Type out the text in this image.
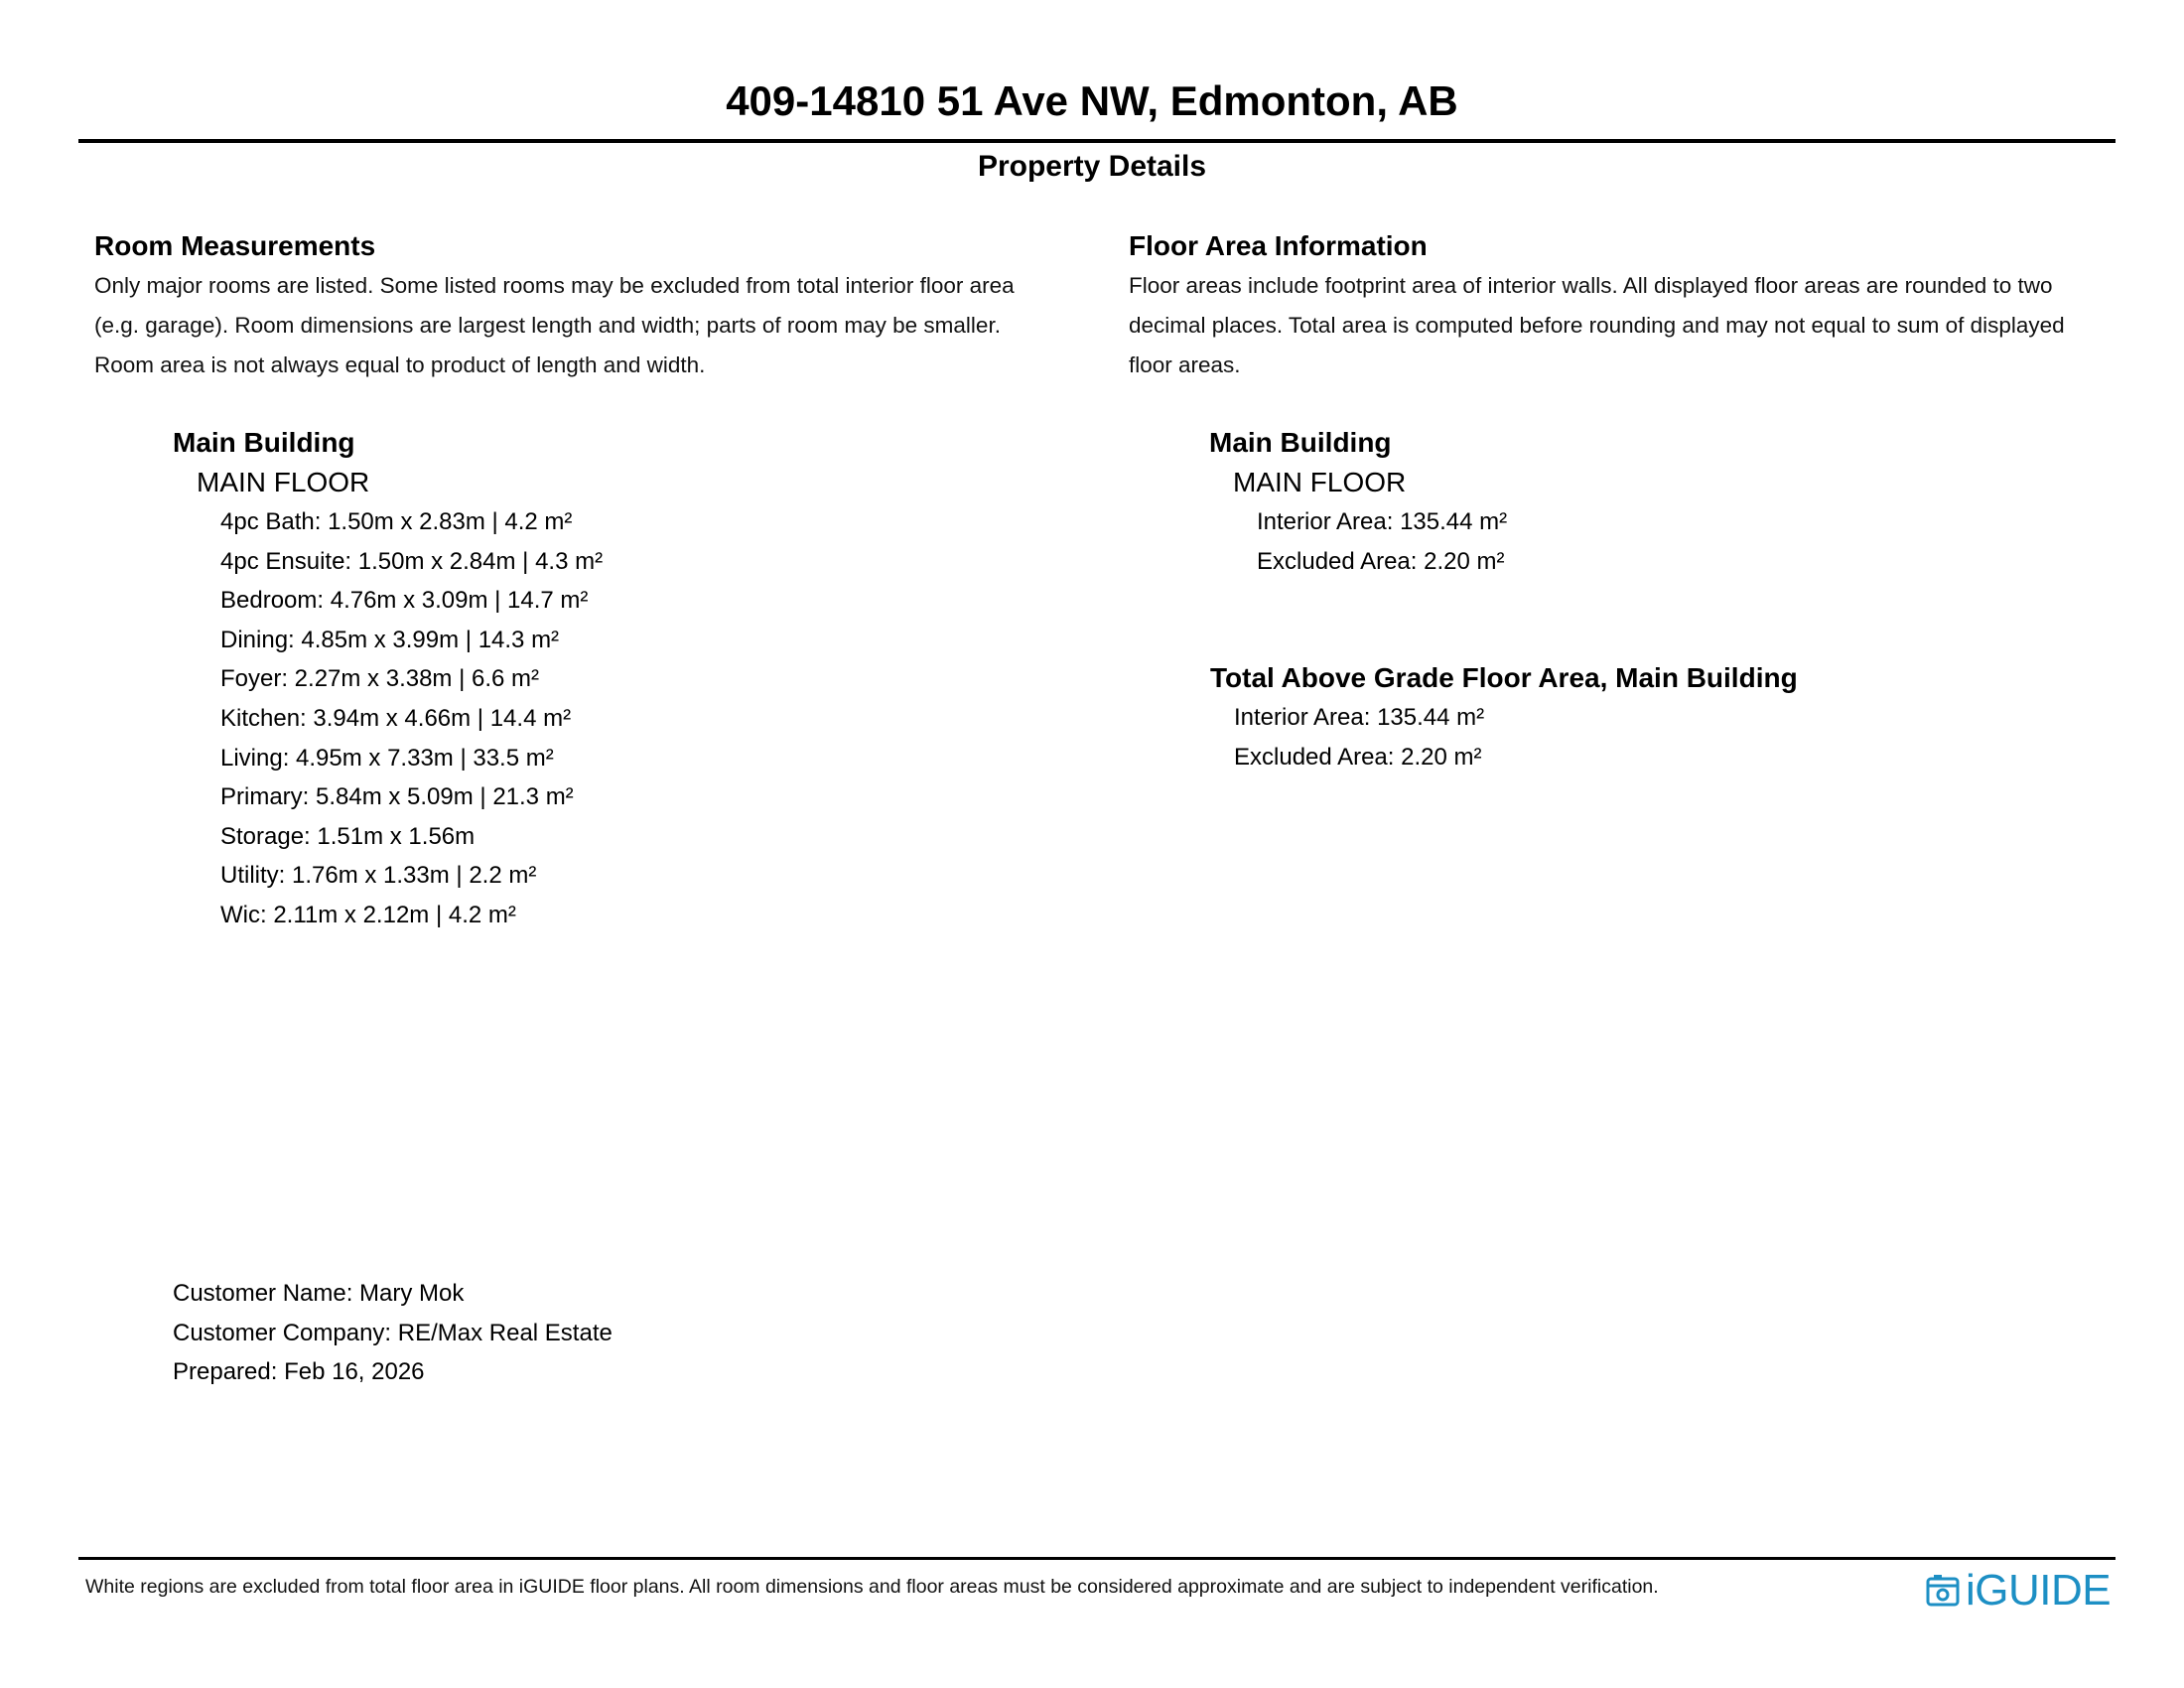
409-14810 51 Ave NW, Edmonton, AB
Property Details
Room Measurements

Only major rooms are listed. Some listed rooms may be excluded from total interior floor area

(e.g. garage). Room dimensions are largest length and width; parts of room may be smaller.

Room area is not always equal to product of length and width.

Main Building
MAIN FLOOR
4pc Bath: 1.50m x 2.83m | 4.2 m²
4pc Ensuite: 1.50m x 2.84m | 4.3 m²
Bedroom: 4.76m x 3.09m | 14.7 m²
Dining: 4.85m x 3.99m | 14.3 m²
Foyer: 2.27m x 3.38m | 6.6 m²
Kitchen: 3.94m x 4.66m | 14.4 m²
Living: 4.95m x 7.33m | 33.5 m²
Primary: 5.84m x 5.09m | 21.3 m²
Storage: 1.51m x 1.56m
Utility: 1.76m x 1.33m | 2.2 m²
Wic: 2.11m x 2.12m | 4.2 m²
Floor Area Information

Floor areas include footprint area of interior walls. All displayed floor areas are rounded to two

decimal places. Total area is computed before rounding and may not equal to sum of displayed

floor areas.

Main Building
MAIN FLOOR
Interior Area: 135.44 m²
Excluded Area: 2.20 m²
Total Above Grade Floor Area, Main Building
Interior Area: 135.44 m²
Excluded Area: 2.20 m²
Customer Name: Mary Mok
Customer Company: RE/Max Real Estate
Prepared: Feb 16, 2026
White regions are excluded from total floor area in iGUIDE floor plans. All room dimensions and floor areas must be considered approximate and are subject to independent verification.	iGUIDE
